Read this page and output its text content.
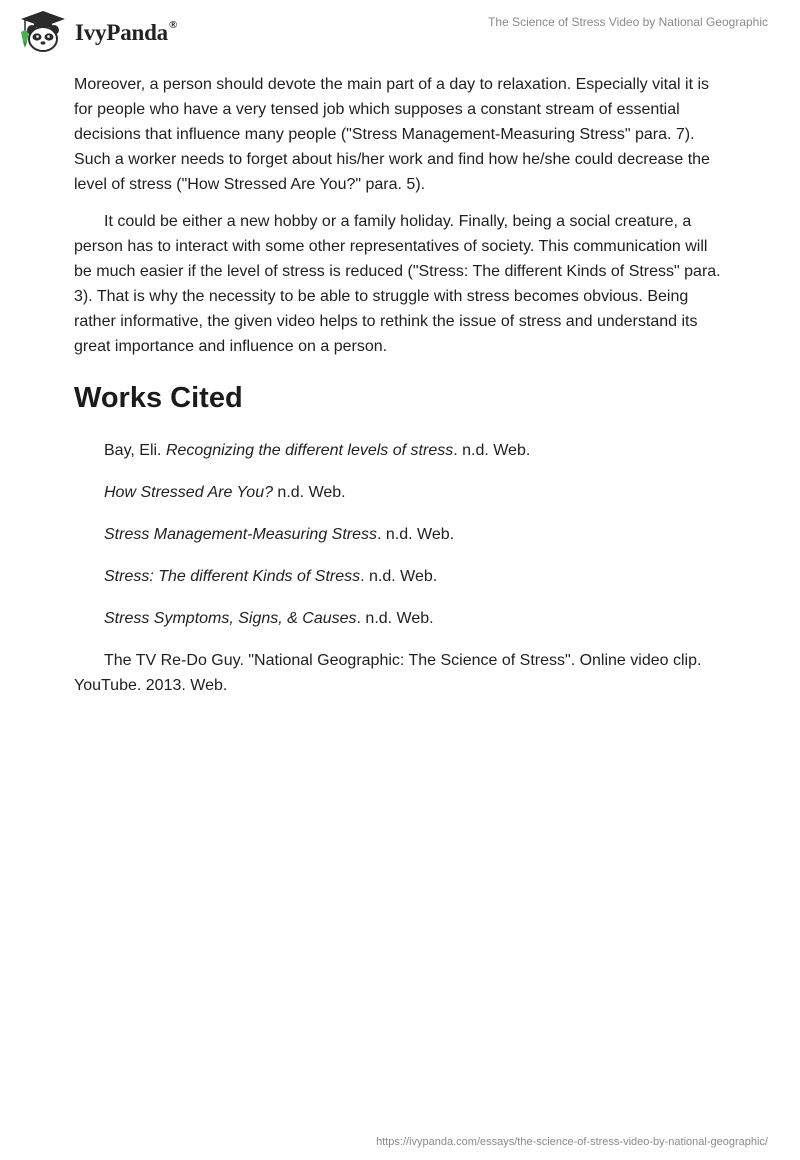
IvyPanda®	The Science of Stress Video by National Geographic

Moreover, a person should devote the main part of a day to relaxation. Especially vital it is for people who have a very tensed job which supposes a constant stream of essential decisions that influence many people ("Stress Management-Measuring Stress" para. 7). Such a worker needs to forget about his/her work and find how he/she could decrease the level of stress ("How Stressed Are You?" para. 5).

It could be either a new hobby or a family holiday. Finally, being a social creature, a person has to interact with some other representatives of society. This communication will be much easier if the level of stress is reduced ("Stress: The different Kinds of Stress" para. 3). That is why the necessity to be able to struggle with stress becomes obvious. Being rather informative, the given video helps to rethink the issue of stress and understand its great importance and influence on a person.

Works Cited

Bay, Eli. Recognizing the different levels of stress. n.d. Web.

How Stressed Are You? n.d. Web.

Stress Management-Measuring Stress. n.d. Web.

Stress: The different Kinds of Stress. n.d. Web.

Stress Symptoms, Signs, & Causes. n.d. Web.

The TV Re-Do Guy. "National Geographic: The Science of Stress". Online video clip. YouTube. 2013. Web.

https://ivypanda.com/essays/the-science-of-stress-video-by-national-geographic/
